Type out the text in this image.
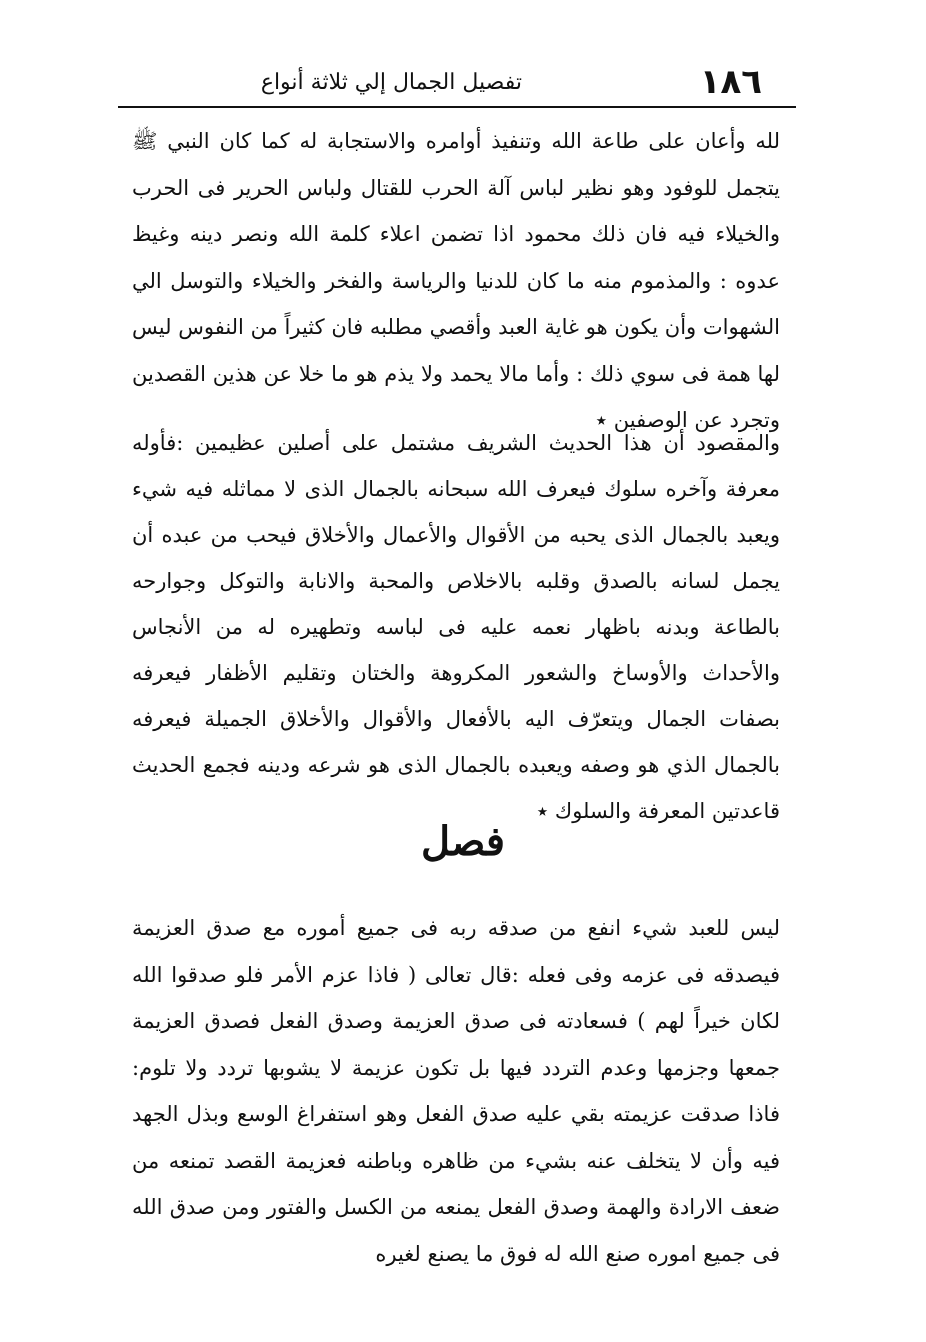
١٨٦
تفصيل الجمال إلي ثلاثة أنواع

لله وأعان على طاعة الله وتنفيذ أوامره والاستجابة له كما كان النبي ﷺ يتجمل للوفود وهو نظير لباس آلة الحرب للقتال ولباس الحرير فى الحرب والخيلاء فيه فان ذلك محمود اذا تضمن اعلاء كلمة الله ونصر دينه وغيظ عدوه : والمذموم منه ما كان للدنيا والرياسة والفخر والخيلاء والتوسل الي الشهوات وأن يكون هو غاية العبد وأقصي مطلبه فان كثيراً من النفوس ليس لها همة فى سوي ذلك : وأما مالا يحمد ولا يذم هو ما خلا عن هذين القصدين وتجرد عن الوصفين ٭

والمقصود أن هذا الحديث الشريف مشتمل على أصلين عظيمين :فأوله معرفة وآخره سلوك فيعرف الله سبحانه بالجمال الذى لا مماثله فيه شيء ويعبد بالجمال الذى يحبه من الأقوال والأعمال والأخلاق فيحب من عبده أن يجمل لسانه بالصدق وقلبه بالاخلاص والمحبة والانابة والتوكل وجوارحه بالطاعة وبدنه باظهار نعمه عليه فى لباسه وتطهيره له من الأنجاس والأحداث والأوساخ والشعور المكروهة والختان وتقليم الأظفار فيعرفه بصفات الجمال ويتعرّف اليه بالأفعال والأقوال والأخلاق الجميلة فيعرفه بالجمال الذي هو وصفه ويعبده بالجمال الذى هو شرعه ودينه فجمع الحديث قاعدتين المعرفة والسلوك ٭

فصل

ليس للعبد شيء انفع من صدقه ربه فى جميع أموره مع صدق العزيمة فيصدقه فى عزمه وفى فعله :قال تعالى ( فاذا عزم الأمر فلو صدقوا الله لكان خيراً لهم ) فسعادته فى صدق العزيمة وصدق الفعل فصدق العزيمة جمعها وجزمها وعدم التردد فيها بل تكون عزيمة لا يشوبها تردد ولا تلوم: فاذا صدقت عزيمته بقي عليه صدق الفعل وهو استفراغ الوسع وبذل الجهد فيه وأن لا يتخلف عنه بشيء من ظاهره وباطنه فعزيمة القصد تمنعه من ضعف الارادة والهمة وصدق الفعل يمنعه من الكسل والفتور ومن صدق الله فى جميع اموره صنع الله له فوق ما يصنع لغيره
